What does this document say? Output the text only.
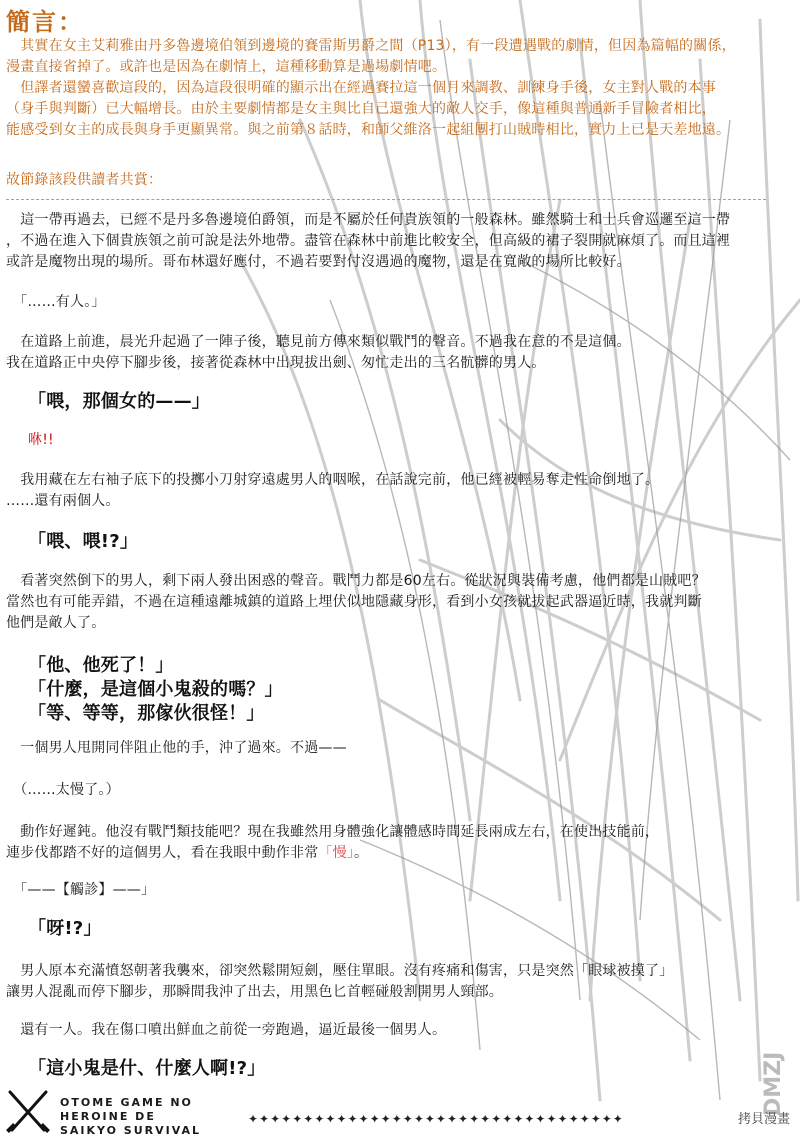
簡言：
　其實在女主艾莉雅由丹多魯邊境伯領到邊境的賽雷斯男爵之間（P13），有一段遭遇戰的劇情，但因為篇幅的關係，
漫畫直接省掉了。或許也是因為在劇情上，這種移動算是過場劇情吧。
　但譯者還蠻喜歡這段的，因為這段很明確的顯示出在經過賽拉這一個月來調教、訓練身手後，女主對人戰的本事
（身手與判斷）已大幅增長。由於主要劇情都是女主與比自己還強大的敵人交手，像這種與普通新手冒險者相比，
能感受到女主的成長與身手更顯異常。與之前第８話時，和師父維洛一起組團打山賊時相比，實力上已是天差地遠。
故節錄該段供讀者共賞：
　這一帶再過去，已經不是丹多魯邊境伯爵領，而是不屬於任何貴族領的一般森林。雖然騎士和士兵會巡邏至這一帶
，不過在進入下個貴族領之前可說是法外地帶。盡管在森林中前進比較安全，但高級的裙子裂開就麻煩了。而且這裡
或許是魔物出現的場所。哥布林還好應付，不過若要對付沒遇過的魔物，還是在寬敞的場所比較好。
　「……有人。」
　在道路上前進，晨光升起過了一陣子後，聽見前方傳來類似戰鬥的聲音。不過我在意的不是這個。
我在道路正中央停下腳步後，接著從森林中出現拔出劍、匆忙走出的三名骯髒的男人。
「喂，那個女的——」
咻!!
　我用藏在左右袖子底下的投擲小刀射穿遠處男人的咽喉，在話說完前，他已經被輕易奪走性命倒地了。
……還有兩個人。
「喂、喂!?」
　看著突然倒下的男人，剩下兩人發出困惑的聲音。戰鬥力都是60左右。從狀況與裝備考慮，他們都是山賊吧？
當然也有可能弄錯，不過在這種遠離城鎮的道路上埋伏似地隱藏身形，看到小女孩就拔起武器逼近時，我就判斷
他們是敵人了。
「他、他死了！」
「什麼，是這個小鬼殺的嗎？」
「等、等等，那傢伙很怪！」
　一個男人甩開同伴阻止他的手，沖了過來。不過——
　（……太慢了。）
　動作好遲鈍。他沒有戰鬥類技能吧？現在我雖然用身體強化讓體感時間延長兩成左右，在使出技能前，
連步伐都踏不好的這個男人，看在我眼中動作非常「慢」。
　「——【觸診】——」
「呀!?」
　男人原本充滿憤怒朝著我襲來，卻突然鬆開短劍，壓住單眼。沒有疼痛和傷害，只是突然「眼球被摸了」
讓男人混亂而停下腳步，那瞬間我沖了出去，用黑色匕首輕碰般割開男人頸部。
　還有一人。我在傷口噴出鮮血之前從一旁跑過，逼近最後一個男人。
「這小鬼是什、什麼人啊!?」
OTOME GAME NO
HEROINE DE
SAIKYO SURVIVAL
✦✦✦✦✦✦✦✦✦✦✦✦✦✦✦✦✦✦✦✦✦✦✦✦✦✦✦✦✦✦✦✦✦✦
DMZJ
拷貝漫畫
